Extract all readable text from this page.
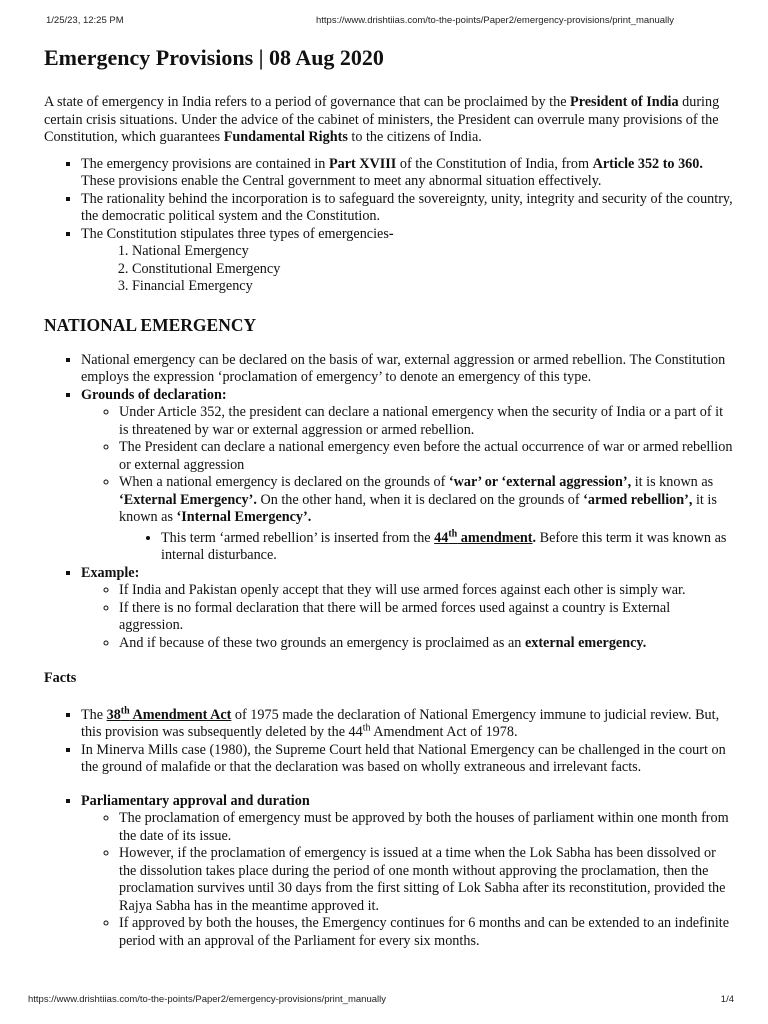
1/25/23, 12:25 PM	https://www.drishtiias.com/to-the-points/Paper2/emergency-provisions/print_manually
Emergency Provisions | 08 Aug 2020

A state of emergency in India refers to a period of governance that can be proclaimed by the President of India during certain crisis situations. Under the advice of the cabinet of ministers, the President can overrule many provisions of the Constitution, which guarantees Fundamental Rights to the citizens of India.

▪ The emergency provisions are contained in Part XVIII of the Constitution of India, from Article 352 to 360. These provisions enable the Central government to meet any abnormal situation effectively.
▪ The rationality behind the incorporation is to safeguard the sovereignty, unity, integrity and security of the country, the democratic political system and the Constitution.
▪ The Constitution stipulates three types of emergencies-
1. National Emergency
2. Constitutional Emergency
3. Financial Emergency
NATIONAL EMERGENCY
▪ National emergency can be declared on the basis of war, external aggression or armed rebellion. The Constitution employs the expression ‘proclamation of emergency’ to denote an emergency of this type.
▪ Grounds of declaration:
◦ Under Article 352, the president can declare a national emergency when the security of India or a part of it is threatened by war or external aggression or armed rebellion.
◦ The President can declare a national emergency even before the actual occurrence of war or armed rebellion or external aggression
◦ When a national emergency is declared on the grounds of ‘war’ or ‘external aggression’, it is known as ‘External Emergency’. On the other hand, when it is declared on the grounds of ‘armed rebellion’, it is known as ‘Internal Emergency’.
• This term ‘armed rebellion’ is inserted from the 44th amendment. Before this term it was known as internal disturbance.
▪ Example:
◦ If India and Pakistan openly accept that they will use armed forces against each other is simply war.
◦ If there is no formal declaration that there will be armed forces used against a country is External aggression.
◦ And if because of these two grounds an emergency is proclaimed as an external emergency.

Facts

▪ The 38th Amendment Act of 1975 made the declaration of National Emergency immune to judicial review. But, this provision was subsequently deleted by the 44th Amendment Act of 1978.
▪ In Minerva Mills case (1980), the Supreme Court held that National Emergency can be challenged in the court on the ground of malafide or that the declaration was based on wholly extraneous and irrelevant facts.
▪ Parliamentary approval and duration
◦ The proclamation of emergency must be approved by both the houses of parliament within one month from the date of its issue.
◦ However, if the proclamation of emergency is issued at a time when the Lok Sabha has been dissolved or the dissolution takes place during the period of one month without approving the proclamation, then the proclamation survives until 30 days from the first sitting of Lok Sabha after its reconstitution, provided the Rajya Sabha has in the meantime approved it.
◦ If approved by both the houses, the Emergency continues for 6 months and can be extended to an indefinite period with an approval of the Parliament for every six months.
https://www.drishtiias.com/to-the-points/Paper2/emergency-provisions/print_manually	1/4
